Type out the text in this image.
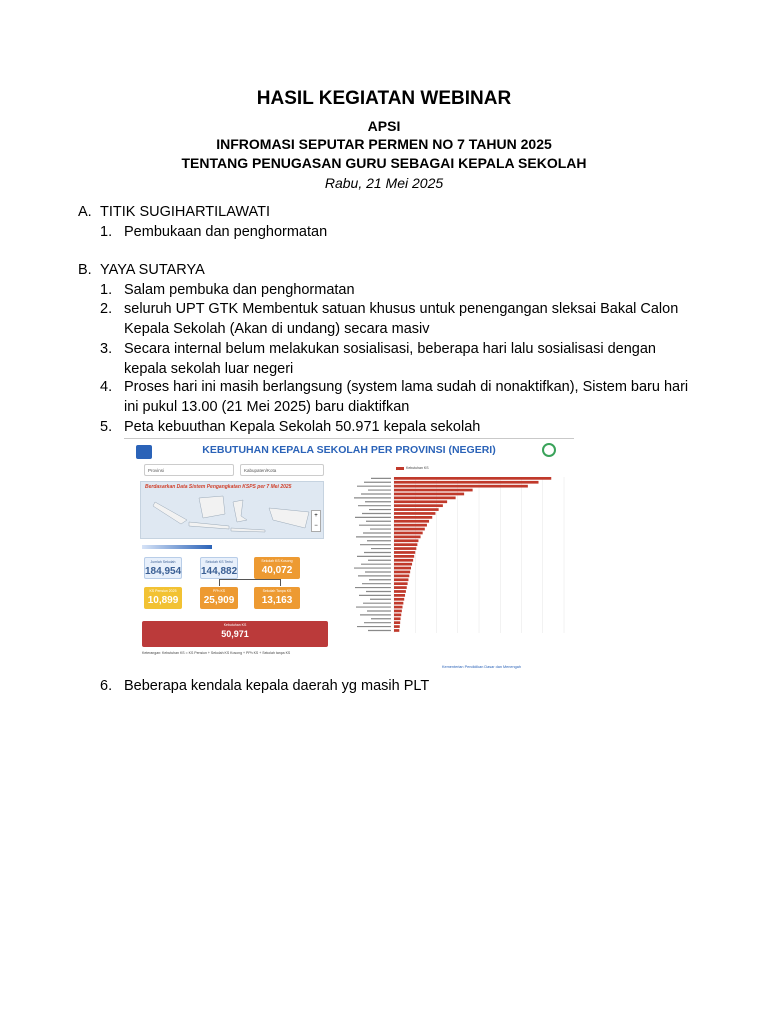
HASIL KEGIATAN WEBINAR
APSI
INFROMASI SEPUTAR PERMEN NO 7 TAHUN 2025
TENTANG PENUGASAN GURU SEBAGAI KEPALA SEKOLAH
Rabu, 21 Mei 2025
A. TITIK SUGIHARTILAWATI
1. Pembukaan dan penghormatan
B. YAYA SUTARYA
1. Salam pembuka dan penghormatan
2. seluruh UPT GTK Membentuk satuan khusus untuk penengangan sleksai Bakal Calon
Kepala Sekolah (Akan di undang) secara masiv
3. Secara internal belum melakukan sosialisasi, beberapa hari lalu sosialisasi dengan
kepala sekolah luar negeri
4. Proses hari ini masih berlangsung (system lama sudah di nonaktifkan), Sistem baru hari
ini pukul 13.00 (21 Mei 2025) baru diaktifkan
5. Peta kebuuthan Kepala Sekolah 50.971 kepala sekolah
KEBUTUHAN KEPALA SEKOLAH PER PROVINSI (NEGERI)
Provinsi	Kabupaten/Kota
Berdasarkan Data Sistem Pengangkatan KSPS per 7 Mei 2025
+
−
Jumlah Sekolah
184,954
Sekolah KS Terisi
144,882
Sekolah KS Kosong
40,072
KS Pensiun 2025
10,899
PPh KS
25,909
Sekolah Tanpa KS
13,163
Kebutuhan KS
50,971
Keterangan: Kebutuhan KS = KS Pensiun + Sekolah KS Kosong + PPh KS + Sekolah tanpa KS
Kebutuhan KS
Kementerian Pendidikan Dasar dan Menengah
6. Beberapa kendala kepala daerah yg masih PLT
